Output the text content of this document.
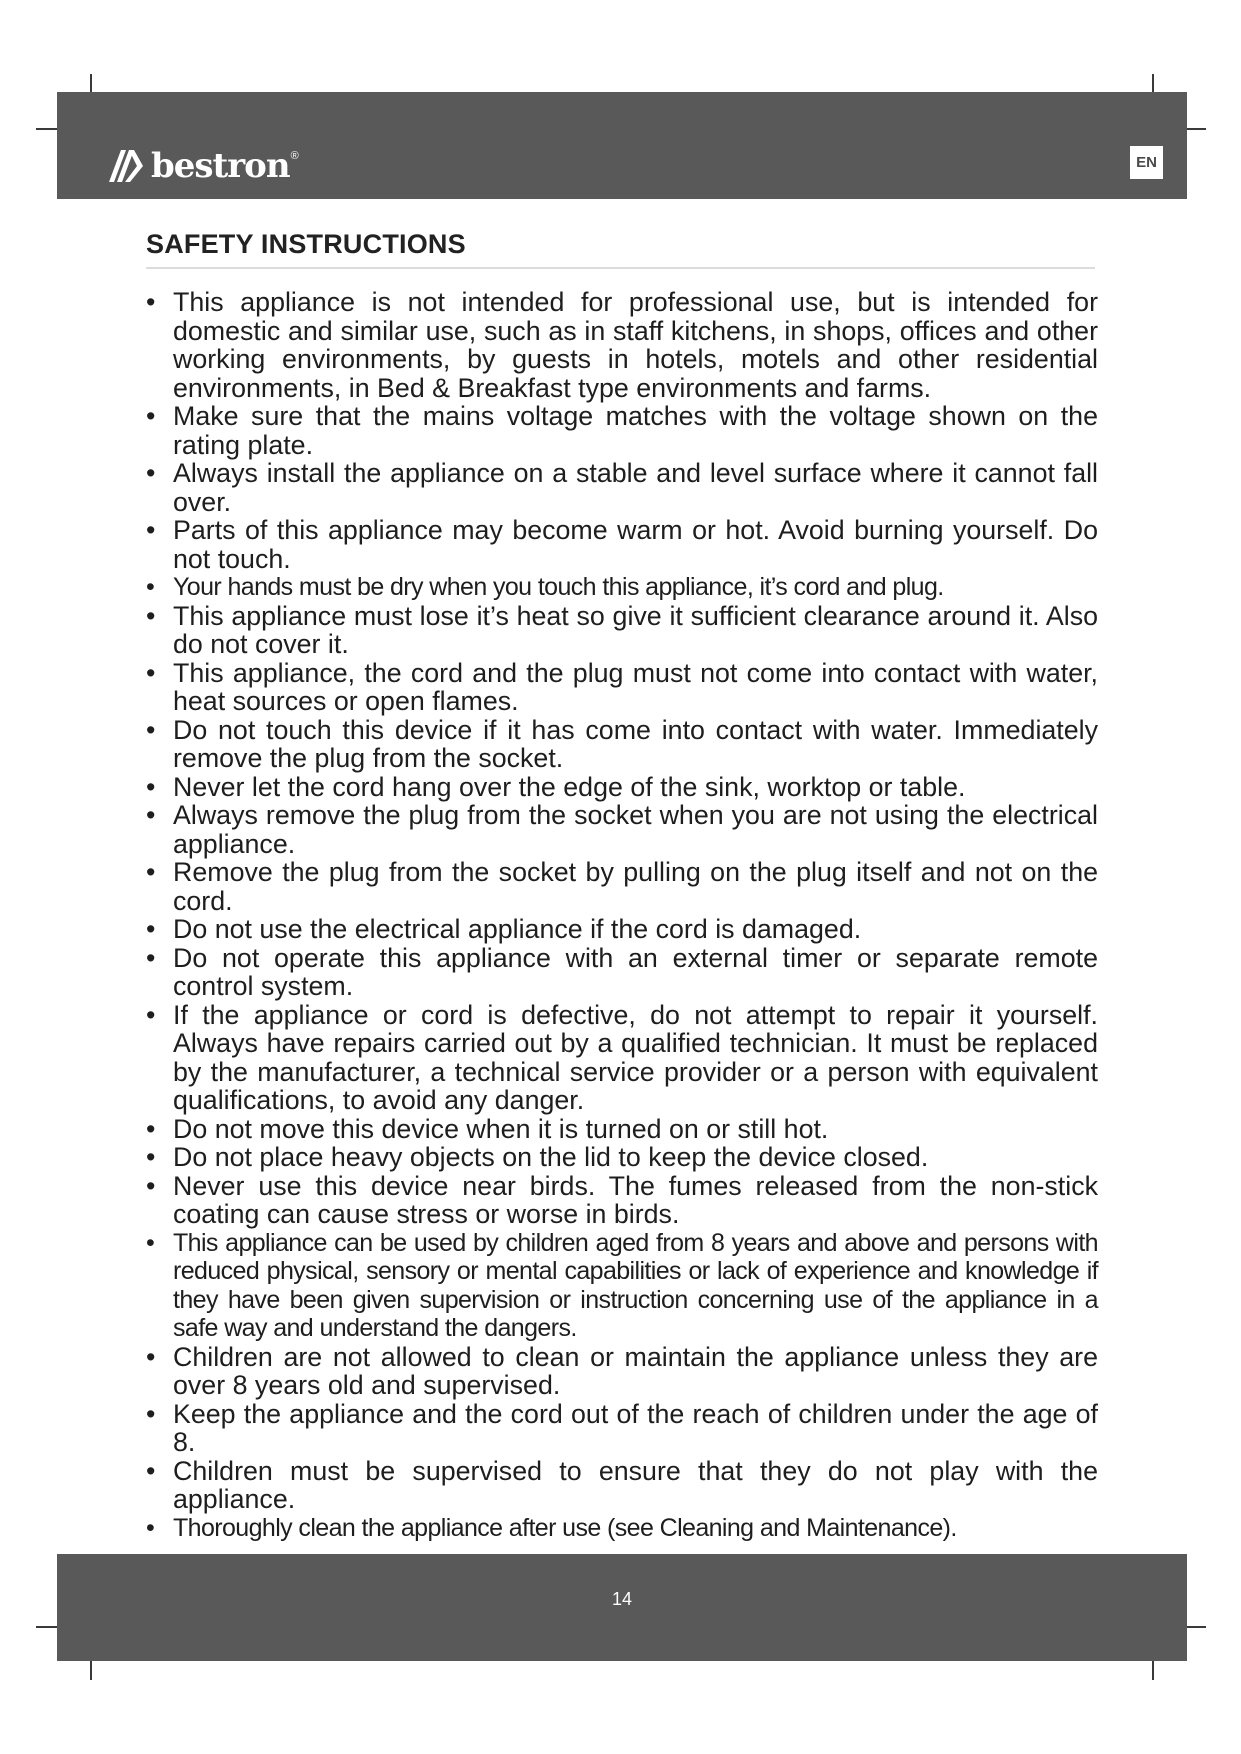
bestron ®	EN
SAFETY INSTRUCTIONS
• This appliance is not intended for professional use, but is intended for domestic and similar use, such as in staff kitchens, in shops, offices and other working environments, by guests in hotels, motels and other residential environments, in Bed & Breakfast type environments and farms.
• Make sure that the mains voltage matches with the voltage shown on the rating plate.
• Always install the appliance on a stable and level surface where it cannot fall over.
• Parts of this appliance may become warm or hot. Avoid burning yourself. Do not touch.
• Your hands must be dry when you touch this appliance, it’s cord and plug.
• This appliance must lose it’s heat so give it sufficient clearance around it. Also do not cover it.
• This appliance, the cord and the plug must not come into contact with water, heat sources or open flames.
• Do not touch this device if it has come into contact with water. Immediately remove the plug from the socket.
• Never let the cord hang over the edge of the sink, worktop or table.
• Always remove the plug from the socket when you are not using the electrical appliance.
• Remove the plug from the socket by pulling on the plug itself and not on the cord.
• Do not use the electrical appliance if the cord is damaged.
• Do not operate this appliance with an external timer or separate remote control system.
• If the appliance or cord is defective, do not attempt to repair it yourself. Always have repairs carried out by a qualified technician. It must be replaced by the manufacturer, a technical service provider or a person with equivalent qualifications, to avoid any danger.
• Do not move this device when it is turned on or still hot.
• Do not place heavy objects on the lid to keep the device closed.
• Never use this device near birds. The fumes released from the non-stick coating can cause stress or worse in birds.
• This appliance can be used by children aged from 8 years and above and persons with reduced physical, sensory or mental capabilities or lack of experience and knowledge if they have been given supervision or instruction concerning use of the appliance in a safe way and understand the dangers.
• Children are not allowed to clean or maintain the appliance unless they are over 8 years old and supervised.
• Keep the appliance and the cord out of the reach of children under the age of 8.
• Children must be supervised to ensure that they do not play with the appliance.
• Thoroughly clean the appliance after use (see Cleaning and Maintenance).
14
